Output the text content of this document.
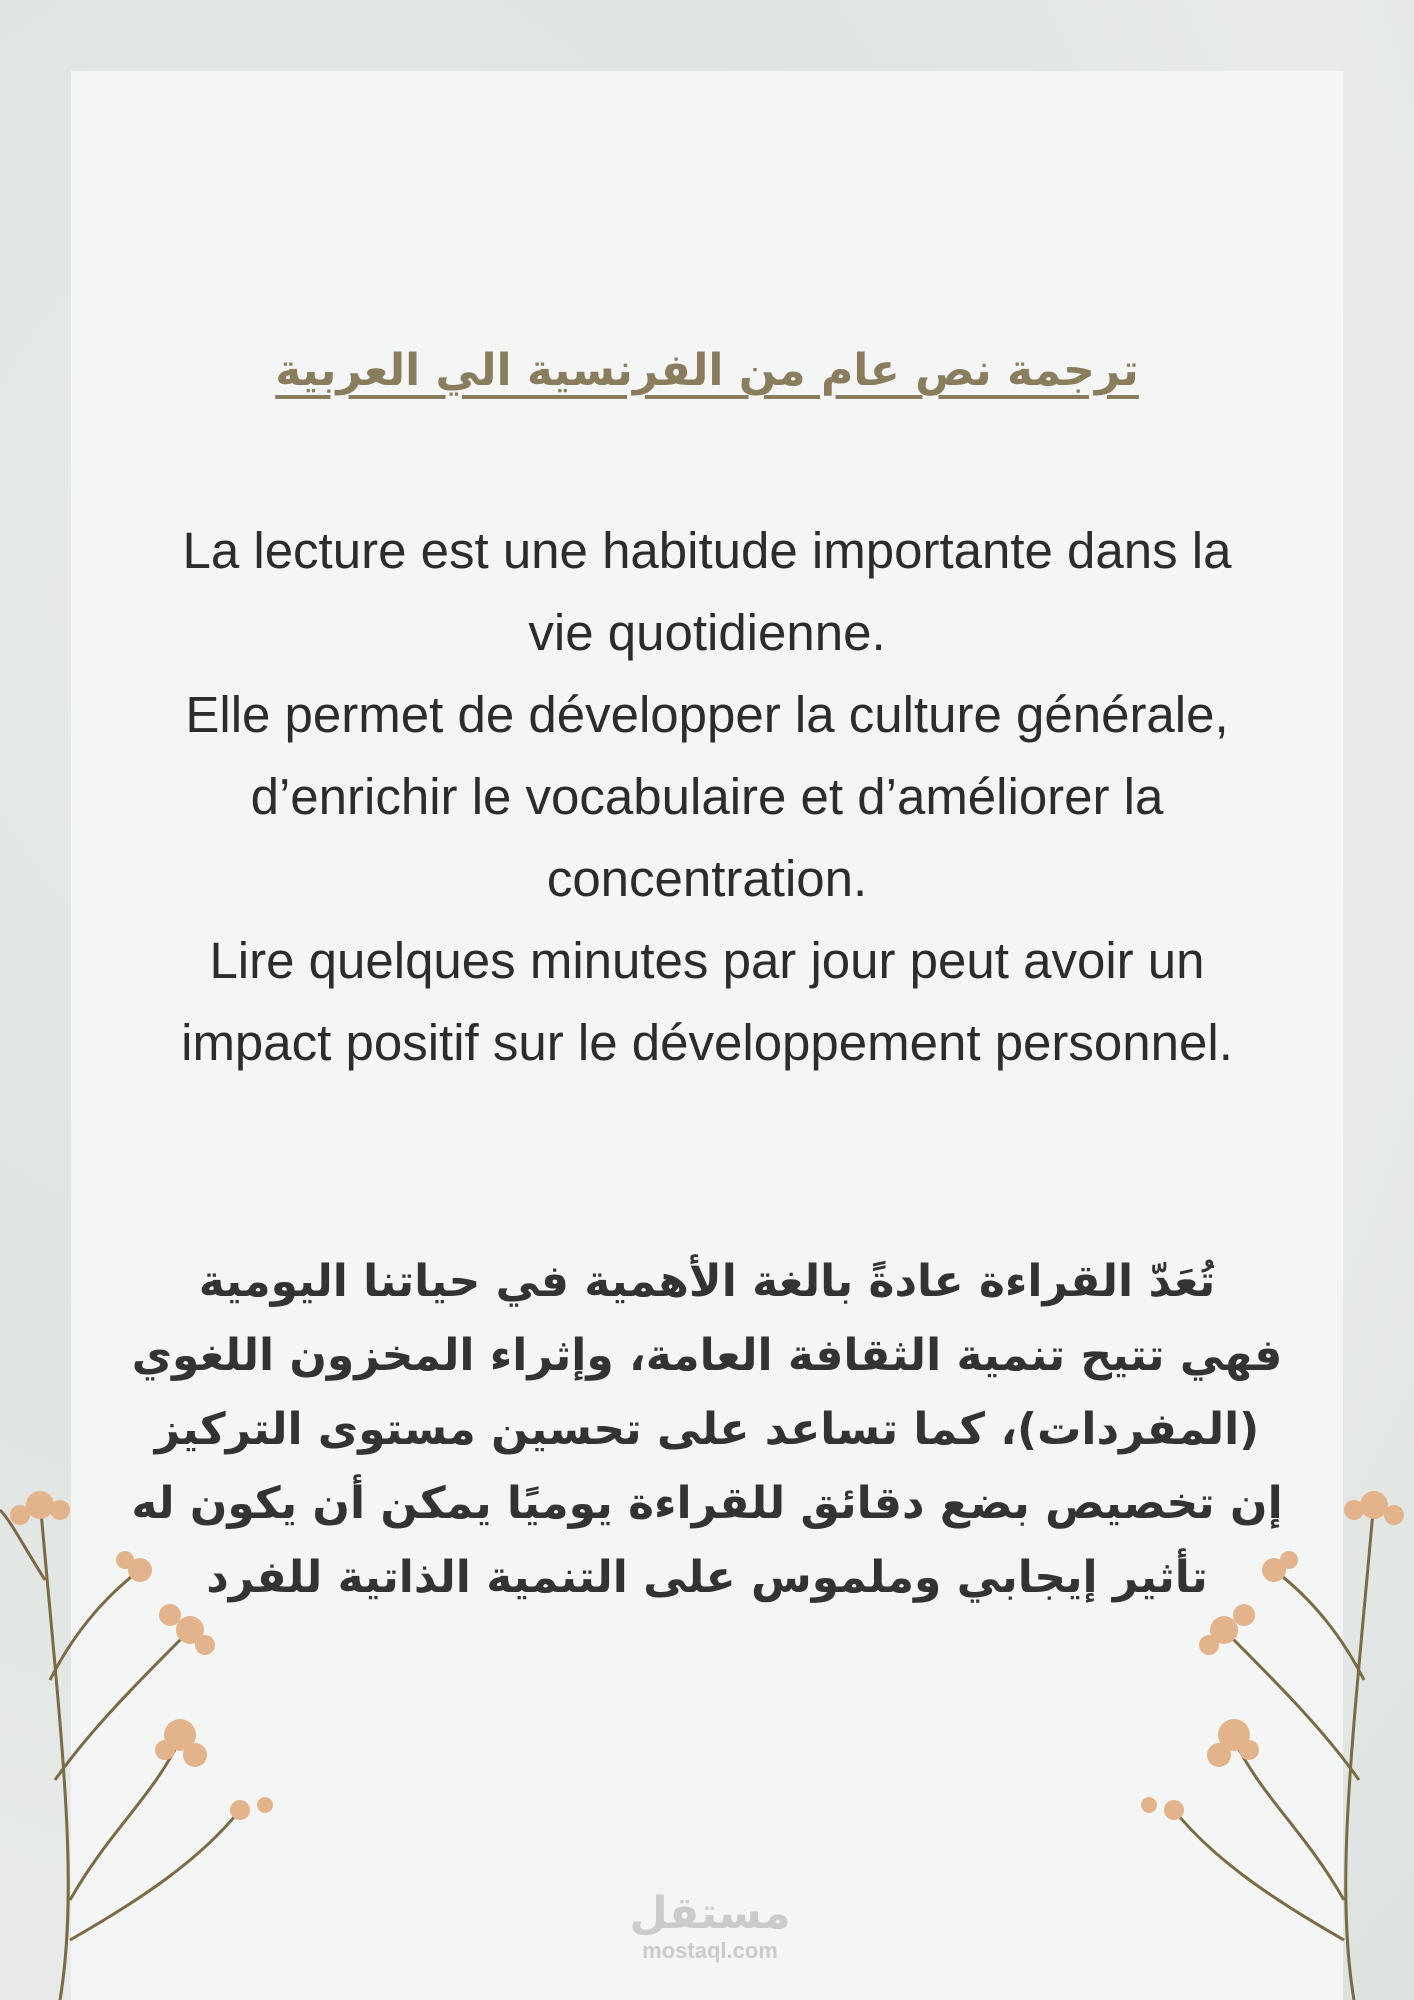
ترجمة نص عام من الفرنسية الي العربية
La lecture est une habitude importante dans la
vie quotidienne.
Elle permet de développer la culture générale,
d’enrichir le vocabulaire et d’améliorer la
concentration.
Lire quelques minutes par jour peut avoir un
impact positif sur le développement personnel.
تُعَدّ القراءة عادةً بالغة الأهمية في حياتنا اليومية
فهي تتيح تنمية الثقافة العامة، وإثراء المخزون اللغوي
(المفردات)، كما تساعد على تحسين مستوى التركيز
إن تخصيص بضع دقائق للقراءة يوميًا يمكن أن يكون له
تأثير إيجابي وملموس على التنمية الذاتية للفرد
مستقل
mostaql.com
